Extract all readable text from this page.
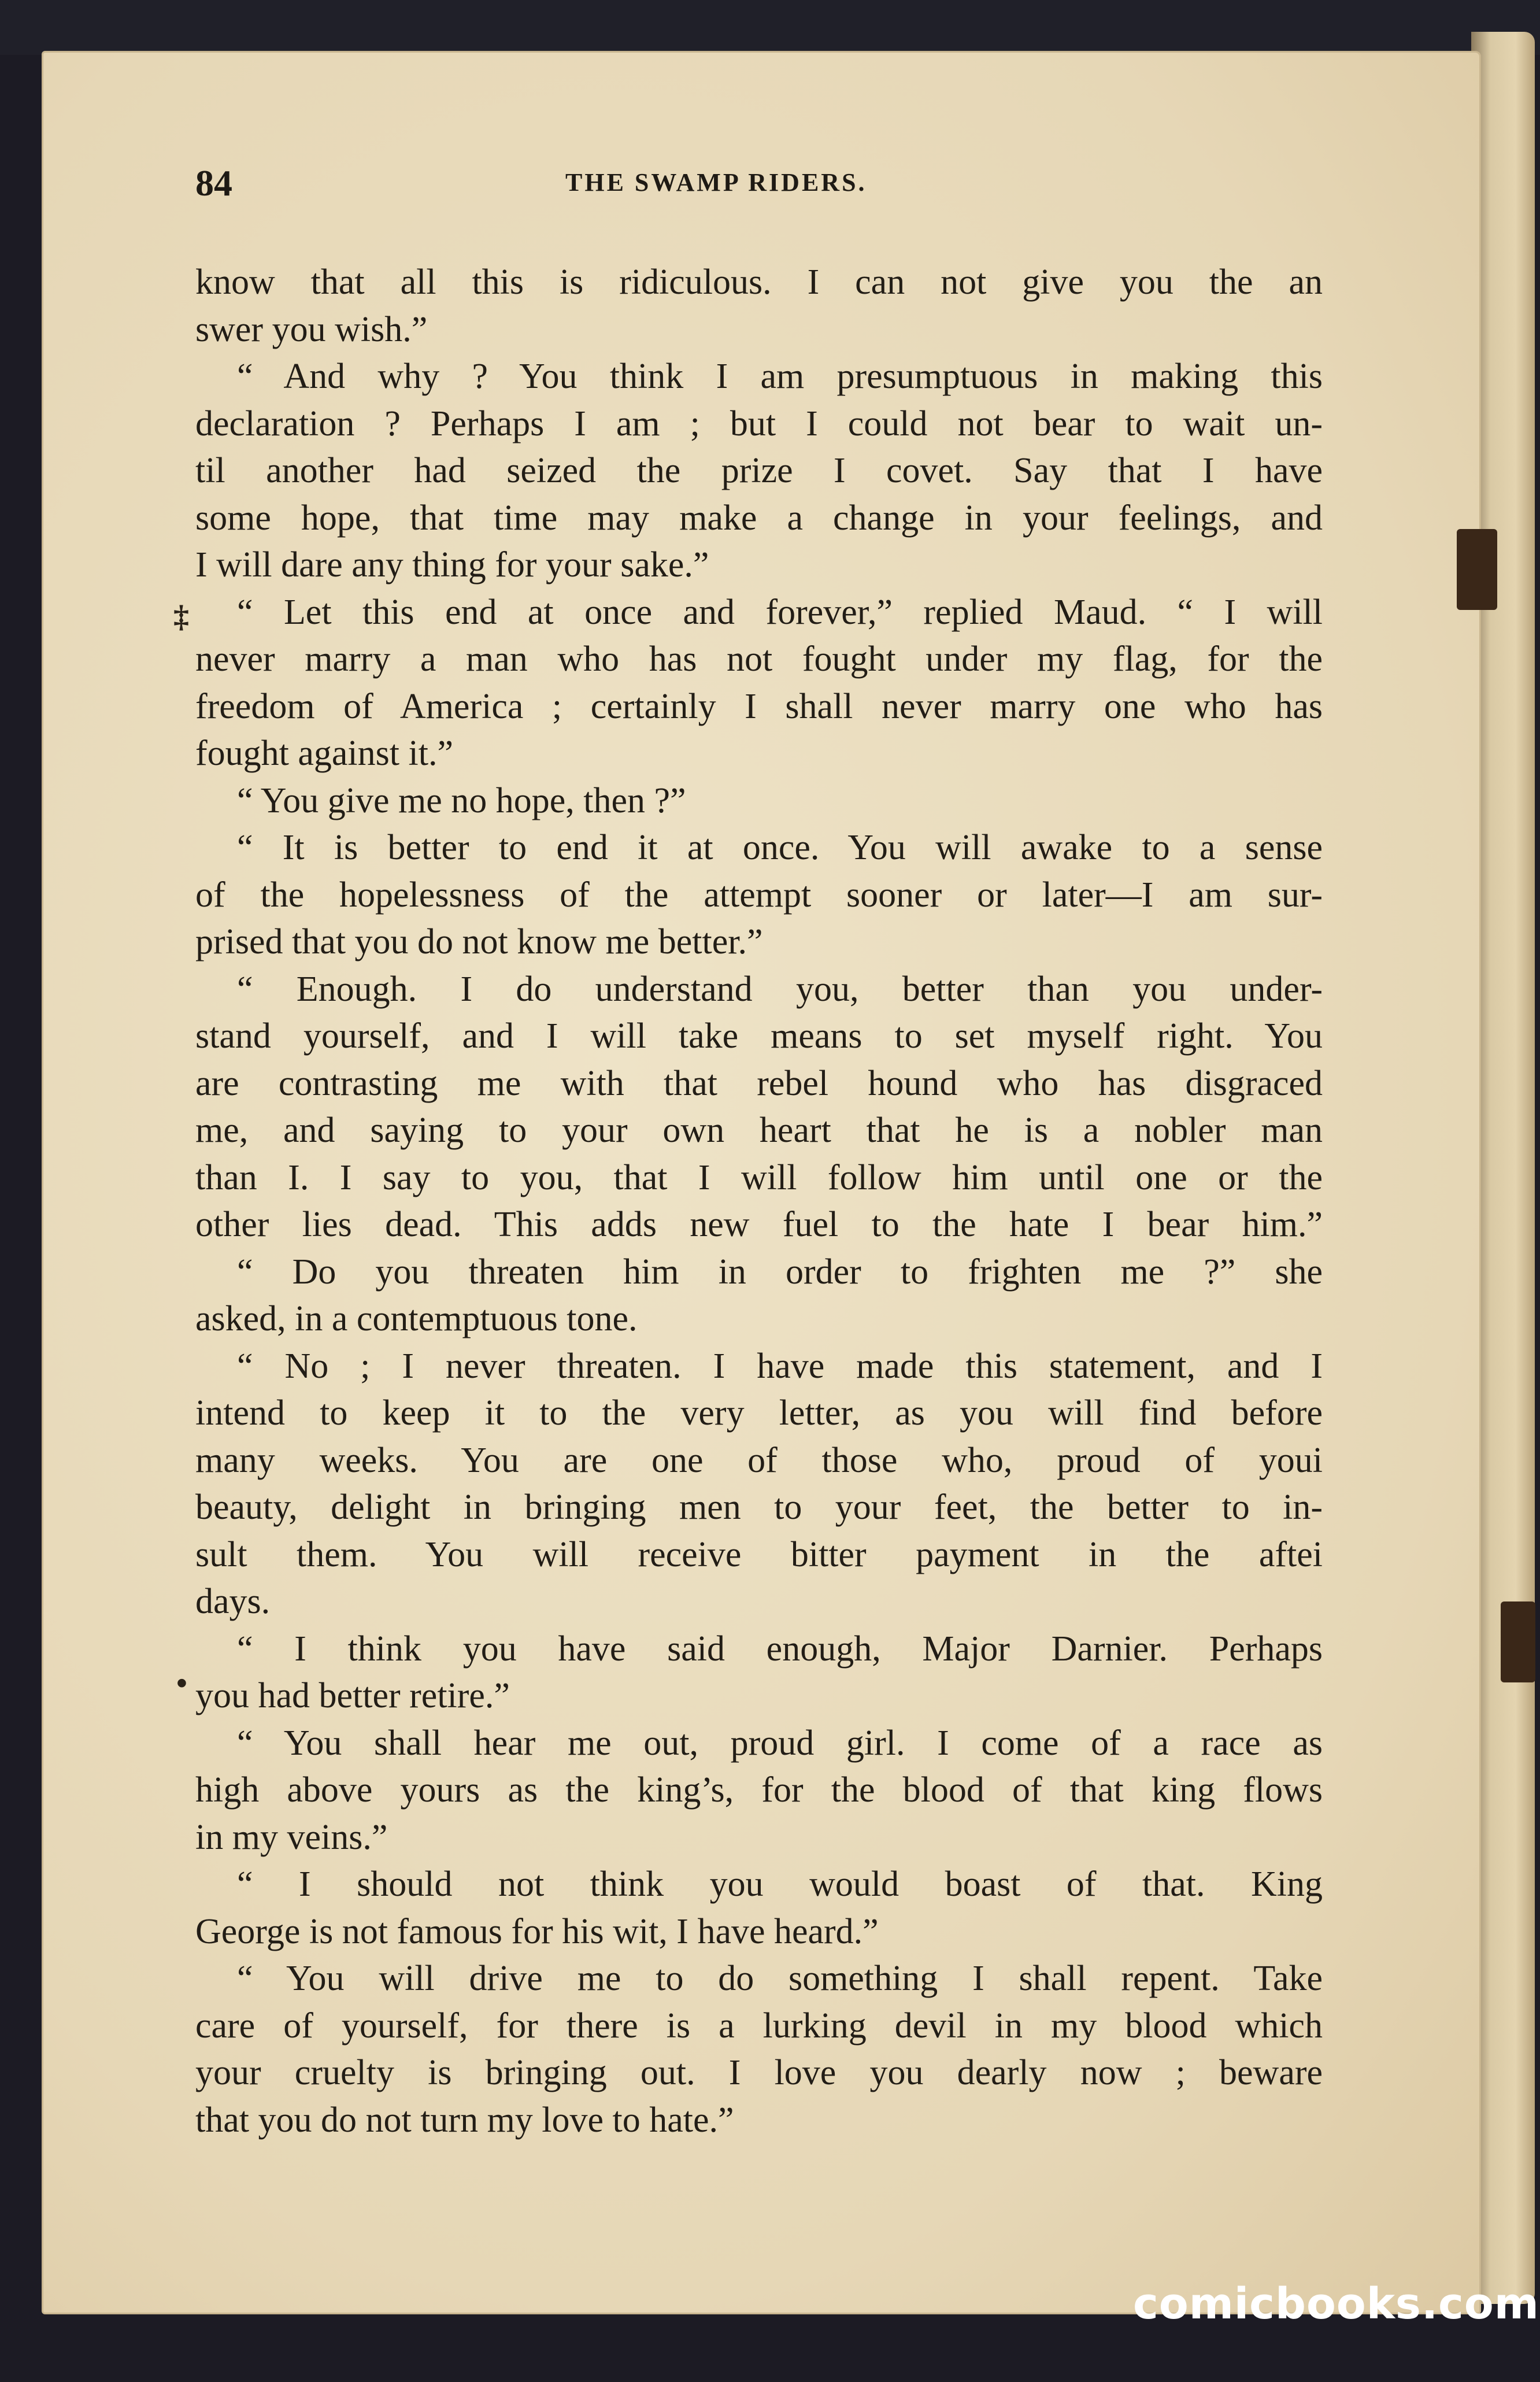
84	THE SWAMP RIDERS.
‡
•
know that all this is ridiculous. I can not give you the an
swer you wish.”
“ And why ? You think I am presumptuous in making this
declaration ? Perhaps I am ; but I could not bear to wait un-
til another had seized the prize I covet. Say that I have
some hope, that time may make a change in your feelings, and
I will dare any thing for your sake.”
“ Let this end at once and forever,” replied Maud. “ I will
never marry a man who has not fought under my flag, for the
freedom of America ; certainly I shall never marry one who has
fought against it.”
“ You give me no hope, then ?”
“ It is better to end it at once. You will awake to a sense
of the hopelessness of the attempt sooner or later—I am sur-
prised that you do not know me better.”
“ Enough. I do understand you, better than you under-
stand yourself, and I will take means to set myself right. You
are contrasting me with that rebel hound who has disgraced
me, and saying to your own heart that he is a nobler man
than I. I say to you, that I will follow him until one or the
other lies dead. This adds new fuel to the hate I bear him.”
“ Do you threaten him in order to frighten me ?” she
asked, in a contemptuous tone.
“ No ; I never threaten. I have made this statement, and I
intend to keep it to the very letter, as you will find before
many weeks. You are one of those who, proud of youi
beauty, delight in bringing men to your feet, the better to in-
sult them. You will receive bitter payment in the aftei
days.
“ I think you have said enough, Major Darnier. Perhaps
you had better retire.”
“ You shall hear me out, proud girl. I come of a race as
high above yours as the king’s, for the blood of that king flows
in my veins.”
“ I should not think you would boast of that. King
George is not famous for his wit, I have heard.”
“ You will drive me to do something I shall repent. Take
care of yourself, for there is a lurking devil in my blood which
your cruelty is bringing out. I love you dearly now ; beware
that you do not turn my love to hate.”
comicbooks.com
